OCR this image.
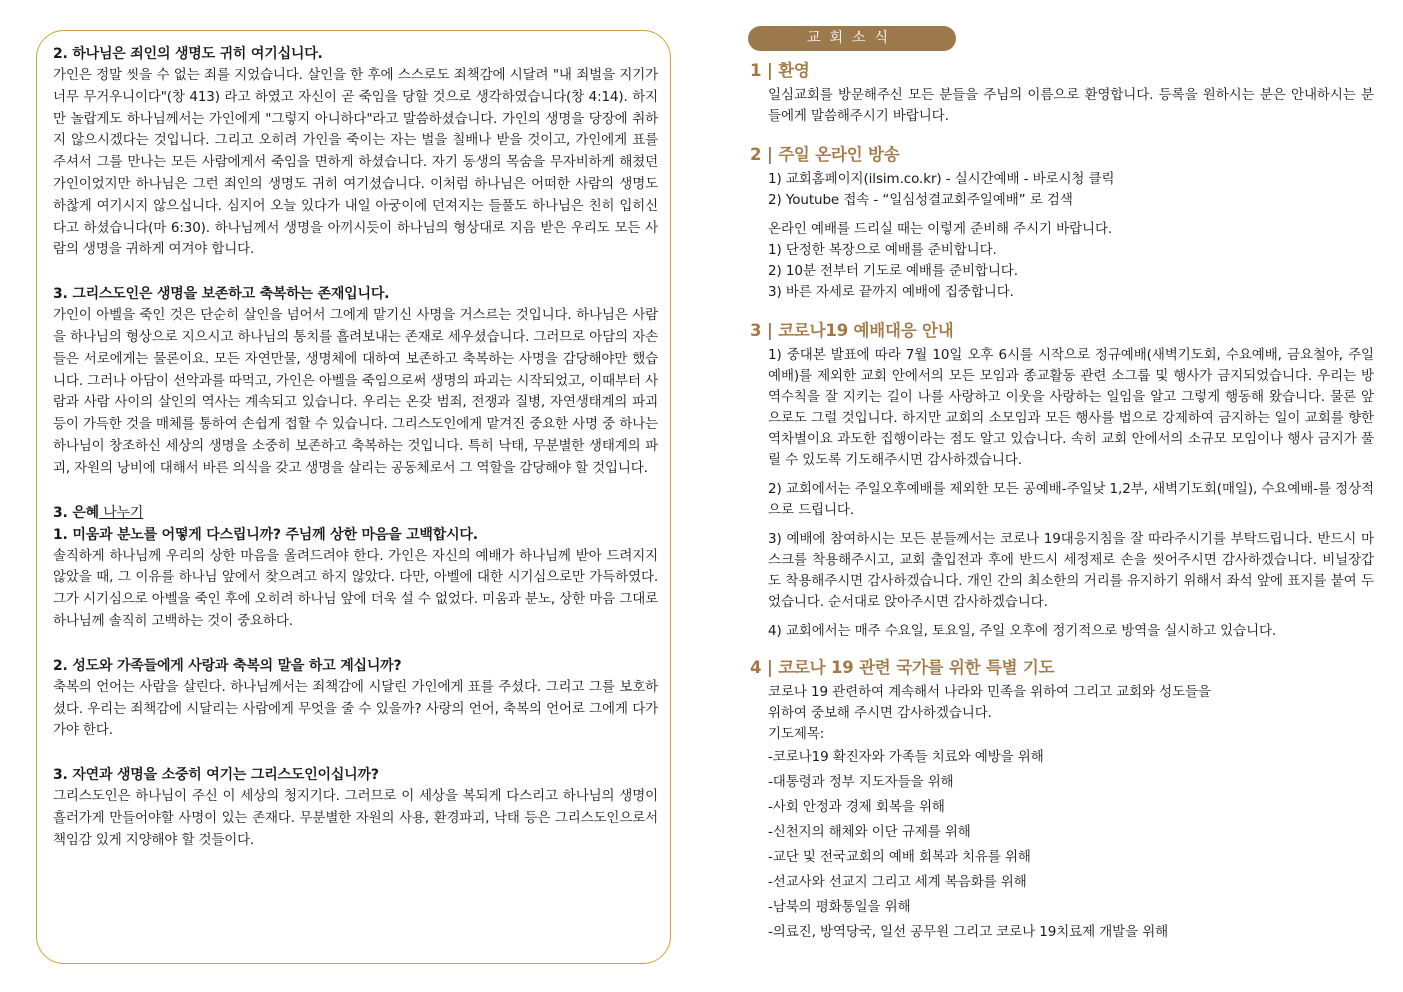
2. 하나님은 죄인의 생명도 귀히 여기십니다.

가인은 정말 씻을 수 없는 죄를 지었습니다. 살인을 한 후에 스스로도 죄책감에 시달려 "내 죄벌을 지기가 너무 무거우니이다"(창 413) 라고 하였고 자신이 곧 죽임을 당할 것으로 생각하였습니다(창 4:14). 하지만 놀랍게도 하나님께서는 가인에게 "그렇지 아니하다"라고 말씀하셨습니다. 가인의 생명을 당장에 취하지 않으시겠다는 것입니다. 그리고 오히려 가인을 죽이는 자는 벌을 칠배나 받을 것이고, 가인에게 표를 주셔서 그를 만나는 모든 사람에게서 죽임을 면하게 하셨습니다. 자기 동생의 목숨을 무자비하게 해쳤던 가인이었지만 하나님은 그런 죄인의 생명도 귀히 여기셨습니다. 이처럼 하나님은 어떠한 사람의 생명도 하찮게 여기시지 않으십니다. 심지어 오늘 있다가 내일 아궁이에 던져지는 들풀도 하나님은 친히 입히신다고 하셨습니다(마 6:30). 하나님께서 생명을 아끼시듯이 하나님의 형상대로 지음 받은 우리도 모든 사람의 생명을 귀하게 여겨야 합니다.

3. 그리스도인은 생명을 보존하고 축복하는 존재입니다.

가인이 아벨을 죽인 것은 단순히 살인을 넘어서 그에게 맡기신 사명을 거스르는 것입니다. 하나님은 사람을 하나님의 형상으로 지으시고 하나님의 통치를 흘려보내는 존재로 세우셨습니다. 그러므로 아담의 자손들은 서로에게는 물론이요. 모든 자연만물, 생명체에 대하여 보존하고 축복하는 사명을 감당해야만 했습니다. 그러나 아담이 선악과를 따먹고, 가인은 아벨을 죽임으로써 생명의 파괴는 시작되었고, 이때부터 사람과 사람 사이의 살인의 역사는 계속되고 있습니다. 우리는 온갖 범죄, 전쟁과 질병, 자연생태계의 파괴 등이 가득한 것을 매체를 통하여 손쉽게 접할 수 있습니다. 그리스도인에게 맡겨진 중요한 사명 중 하나는 하나님이 창조하신 세상의 생명을 소중히 보존하고 축복하는 것입니다. 특히 낙태, 무분별한 생태계의 파괴, 자원의 낭비에 대해서 바른 의식을 갖고 생명을 살리는 공동체로서 그 역할을 감당해야 할 것입니다.

3. 은혜 나누기
1. 미움과 분노를 어떻게 다스립니까? 주님께 상한 마음을 고백합시다.

솔직하게 하나님께 우리의 상한 마음을 올려드려야 한다. 가인은 자신의 예배가 하나님께 받아 드려지지 않았을 때, 그 이유를 하나님 앞에서 찾으려고 하지 않았다. 다만, 아벨에 대한 시기심으로만 가득하였다. 그가 시기심으로 아벨을 죽인 후에 오히려 하나님 앞에 더욱 설 수 없었다. 미움과 분노, 상한 마음 그대로 하나님께 솔직히 고백하는 것이 중요하다.

2. 성도와 가족들에게 사랑과 축복의 말을 하고 계십니까?

축복의 언어는 사람을 살린다. 하나님께서는 죄책감에 시달린 가인에게 표를 주셨다. 그리고 그를 보호하셨다. 우리는 죄책감에 시달리는 사람에게 무엇을 줄 수 있을까? 사랑의 언어, 축복의 언어로 그에게 다가가야 한다.

3. 자연과 생명을 소중히 여기는 그리스도인이십니까?

그리스도인은 하나님이 주신 이 세상의 청지기다. 그러므로 이 세상을 복되게 다스리고 하나님의 생명이 흘러가게 만들어야할 사명이 있는 존재다. 무분별한 자원의 사용, 환경파괴, 낙태 등은 그리스도인으로서 책임감 있게 지양해야 할 것들이다.

교회소식
1 | 환영

일심교회를 방문해주신 모든 분들을 주님의 이름으로 환영합니다. 등록을 원하시는 분은 안내하시는 분들에게 말씀해주시기 바랍니다.

2 | 주일 온라인 방송

1) 교회홈페이지(ilsim.co.kr) - 실시간예배 - 바로시청 클릭

2) Youtube 접속 - “일심성결교회주일예배” 로 검색

온라인 예배를 드리실 때는 이렇게 준비해 주시기 바랍니다.

1) 단정한 복장으로 예배를 준비합니다.

2) 10분 전부터 기도로 예배를 준비합니다.

3) 바른 자세로 끝까지 예배에 집중합니다.

3 | 코로나19 예배대응 안내

1) 중대본 발표에 따라 7월 10일 오후 6시를 시작으로 정규예배(새벽기도회, 수요예배, 금요철야, 주일예배)를 제외한 교회 안에서의 모든 모임과 종교활동 관련 소그룹 및 행사가 금지되었습니다. 우리는 방역수칙을 잘 지키는 길이 나를 사랑하고 이웃을 사랑하는 일임을 알고 그렇게 행동해 왔습니다. 물론 앞으로도 그럴 것입니다. 하지만 교회의 소모임과 모든 행사를 법으로 강제하여 금지하는 일이 교회를 향한 역차별이요 과도한 집행이라는 점도 알고 있습니다. 속히 교회 안에서의 소규모 모임이나 행사 금지가 풀릴 수 있도록 기도해주시면 감사하겠습니다.

2) 교회에서는 주일오후예배를 제외한 모든 공예배-주일낮 1,2부, 새벽기도회(매일), 수요예배-를 정상적으로 드립니다.

3) 예배에 참여하시는 모든 분들께서는 코로나 19대응지침을 잘 따라주시기를 부탁드립니다. 반드시 마스크를 착용해주시고, 교회 출입전과 후에 반드시 세정제로 손을 씻어주시면 감사하겠습니다. 비닐장갑도 착용해주시면 감사하겠습니다. 개인 간의 최소한의 거리를 유지하기 위해서 좌석 앞에 표지를 붙여 두었습니다. 순서대로 앉아주시면 감사하겠습니다.

4) 교회에서는 매주 수요일, 토요일, 주일 오후에 정기적으로 방역을 실시하고 있습니다.

4 | 코로나 19 관련 국가를 위한 특별 기도

코로나 19 관련하여 계속해서 나라와 민족을 위하여 그리고 교회와 성도들을

위하여 중보해 주시면 감사하겠습니다.

기도제목:

-코로나19 확진자와 가족들 치료와 예방을 위해

-대통령과 정부 지도자들을 위해

-사회 안정과 경제 회복을 위해

-신천지의 해체와 이단 규제를 위해

-교단 및 전국교회의 예배 회복과 치유를 위해

-선교사와 선교지 그리고 세계 복음화를 위해

-남북의 평화통일을 위해

-의료진, 방역당국, 일선 공무원 그리고 코로나 19치료제 개발을 위해
